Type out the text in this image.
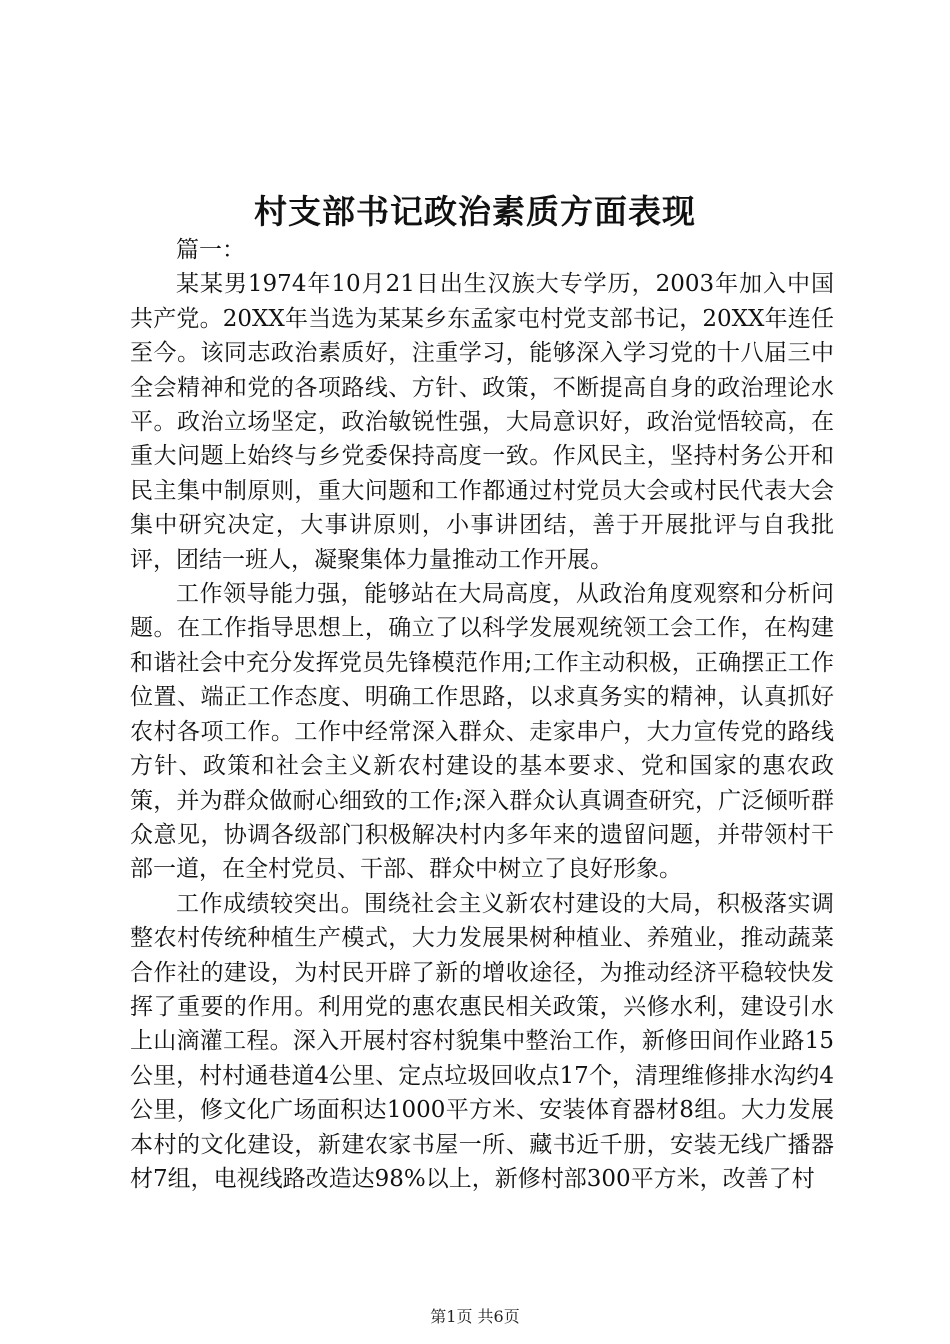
村支部书记政治素质方面表现

篇一：

某某男1974年10月21日出生汉族大专学历，2003年加入中国共产党。20XX年当选为某某乡东孟家屯村党支部书记，20XX年连任至今。该同志政治素质好，注重学习，能够深入学习党的十八届三中全会精神和党的各项路线、方针、政策，不断提高自身的政治理论水平。政治立场坚定，政治敏锐性强，大局意识好，政治觉悟较高，在重大问题上始终与乡党委保持高度一致。作风民主，坚持村务公开和民主集中制原则，重大问题和工作都通过村党员大会或村民代表大会集中研究决定，大事讲原则，小事讲团结，善于开展批评与自我批评，团结一班人，凝聚集体力量推动工作开展。

工作领导能力强，能够站在大局高度，从政治角度观察和分析问题。在工作指导思想上，确立了以科学发展观统领工会工作，在构建和谐社会中充分发挥党员先锋模范作用;工作主动积极，正确摆正工作位置、端正工作态度、明确工作思路，以求真务实的精神，认真抓好农村各项工作。工作中经常深入群众、走家串户，大力宣传党的路线方针、政策和社会主义新农村建设的基本要求、党和国家的惠农政策，并为群众做耐心细致的工作;深入群众认真调查研究，广泛倾听群众意见，协调各级部门积极解决村内多年来的遗留问题，并带领村干部一道，在全村党员、干部、群众中树立了良好形象。

工作成绩较突出。围绕社会主义新农村建设的大局，积极落实调整农村传统种植生产模式，大力发展果树种植业、养殖业，推动蔬菜合作社的建设，为村民开辟了新的增收途径，为推动经济平稳较快发挥了重要的作用。利用党的惠农惠民相关政策，兴修水利，建设引水上山滴灌工程。深入开展村容村貌集中整治工作，新修田间作业路15公里，村村通巷道4公里、定点垃圾回收点17个，清理维修排水沟约4公里，修文化广场面积达1000平方米、安装体育器材8组。大力发展本村的文化建设，新建农家书屋一所、藏书近千册，安装无线广播器材7组，电视线路改造达98%以上，新修村部300平方米，改善了村

第1页 共6页
